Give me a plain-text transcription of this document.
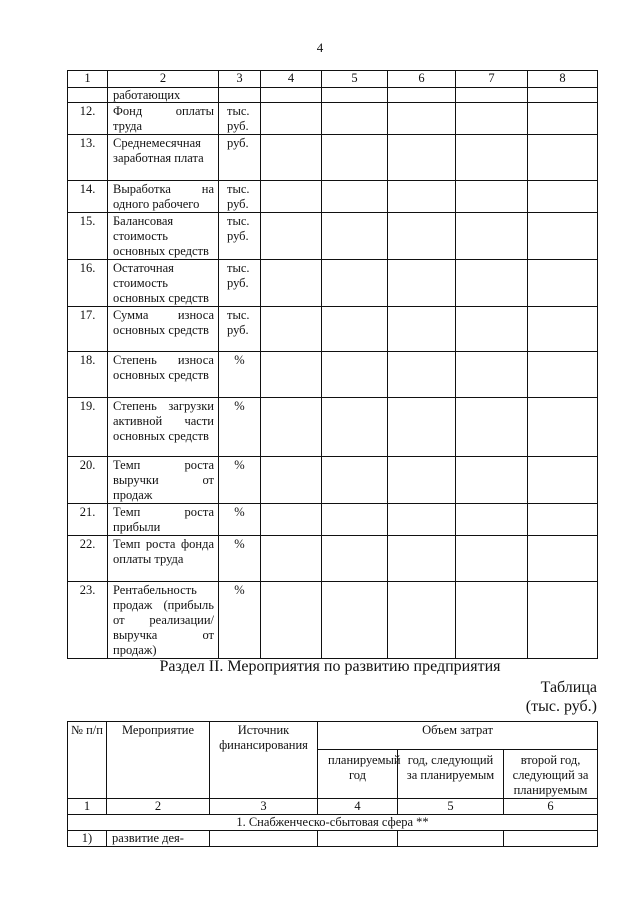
4
1	2	3	4	5	6	7	8
	работающих						
12.	Фонд оплаты труда	тыс. руб.					
13.	Среднемесячная заработная плата	руб.					
14.	Выработка на одного рабочего	тыс. руб.					
15.	Балансовая стоимость основных средств	тыс. руб.					
16.	Остаточная стоимость основных средств	тыс. руб.					
17.	Сумма износа основных средств	тыс. руб.					
18.	Степень износа основных средств	%					
19.	Степень загрузки активной части основных средств	%					
20.	Темп роста выручки от продаж	%					
21.	Темп роста прибыли	%					
22.	Темп роста фонда оплаты труда	%					
23.	Рентабельность продаж (прибыль от реализации/ выручка от продаж)	%					
Раздел II. Мероприятия по развитию предприятия
Таблица
(тыс. руб.)
№ п/п	Мероприятие	Источник финансирования	Объем затрат		
			планируемый год	год, следующий за планируемым	второй год, следующий за планируемым
1	2	3	4	5	6
1. Снабженческо-сбытовая сфера **					
1)	развитие дея-				
